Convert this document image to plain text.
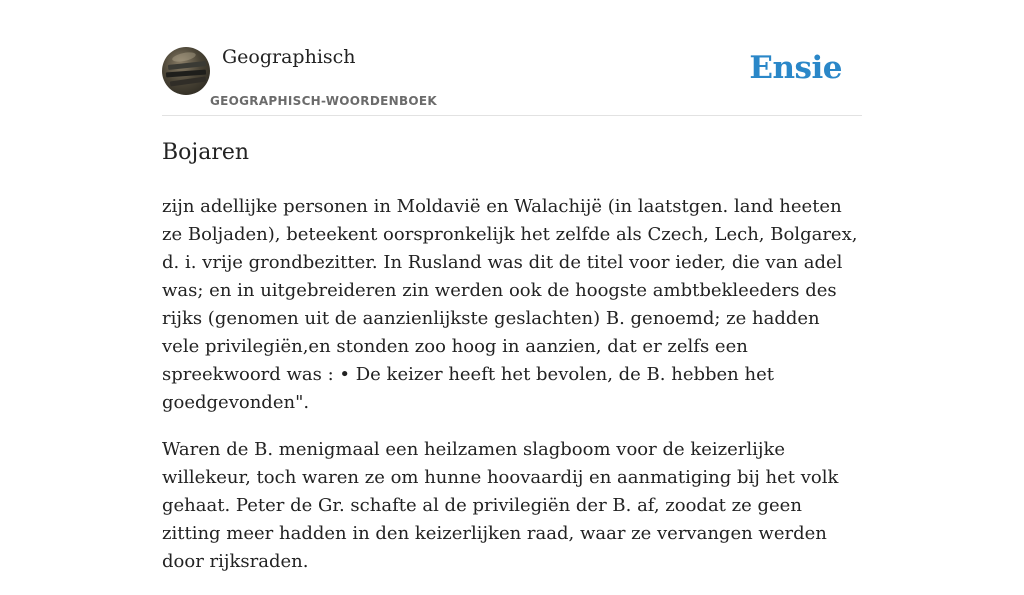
Geographisch
GEOGRAPHISCH-WOORDENBOEK
Ensie
Bojaren

zijn adellijke personen in Moldavië en Walachijë (in laatstgen. land heeten ze Boljaden), beteekent oorspronkelijk het zelfde als Czech, Lech, Bolgarex, d. i. vrije grondbezitter. In Rusland was dit de titel voor ieder, die van adel was; en in uitgebreideren zin werden ook de hoogste ambtbekleeders des rijks (genomen uit de aanzienlijkste geslachten) B. genoemd; ze hadden vele privilegiën,en stonden zoo hoog in aanzien, dat er zelfs een spreekwoord was : • De keizer heeft het bevolen, de B. hebben het goedgevonden".

Waren de B. menigmaal een heilzamen slagboom voor de keizerlijke willekeur, toch waren ze om hunne hoovaardij en aanmatiging bij het volk gehaat. Peter de Gr. schafte al de privilegiën der B. af, zoodat ze geen zitting meer hadden in den keizerlijken raad, waar ze vervangen werden door rijksraden.
